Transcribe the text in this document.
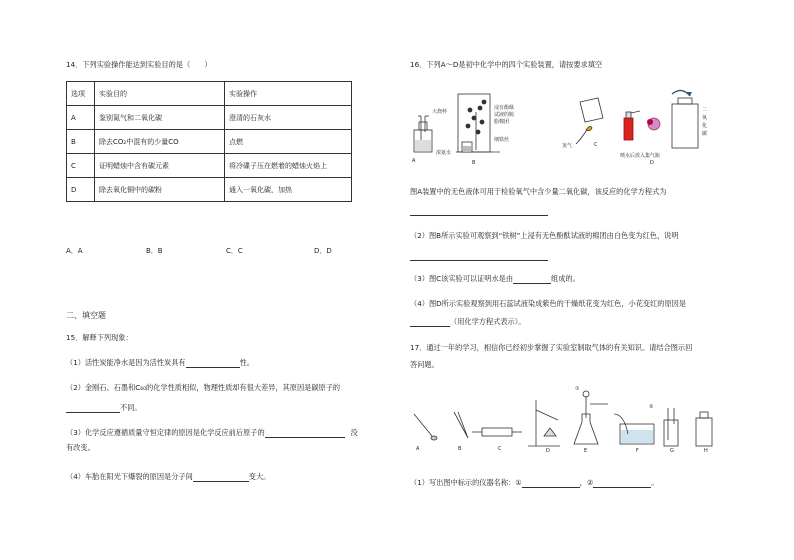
14．下列实验操作能达到实验目的是（　　）
选项	实验目的	实验操作
A	鉴别氮气和二氧化碳	澄清的石灰水
B	除去CO₂中混有的少量CO	点燃
C	证明蜡烛中含有碳元素	将冷碟子压在燃着的蜡烛火焰上
D	除去氧化铜中的碳粉	通入一氧化碳，加热
A．A	B．B	C．C	D．D
二、填空题
15．解释下列现象：
（1）活性炭能净水是因为活性炭具有	性。
（2）金刚石、石墨和C₆₀的化学性质相似，物理性质却有很大差异，其原因是碳原子的
不同。
（3）化学反应遵循质量守恒定律的原因是化学反应前后原子的	没
有改变。
（4）车胎在阳光下爆裂的原因是分子间	变大。
16．下列A～D是初中化学中的四个实验装置，请按要求填空
A	B
C
D
大烧杯
浸有酚酞
试液的脱
脂棉团
细铁丝
浓氨水
氢气
喷水后放入集气瓶
二
氧
化
碳
图A装置中的无色液体可用于检验氧气中含少量二氧化碳，该反应的化学方程式为
（2）图B所示实验可观察到“铁树”上浸有无色酚酞试液的棉团由白色变为红色，说明
（3）图C该实验可以证明水是由	组成的。
（4）图D所示实验观察到用石蕊试液染成紫色的干燥纸花变为红色，小花变红的原因是
（用化学方程式表示）。
17．通过一年的学习，相信你已经初步掌握了实验室制取气体的有关知识。请结合图示回
答问题。
A	B	C	D	E	F	G	H
①
②
（1）写出图中标示的仪器名称：①	，②	。
